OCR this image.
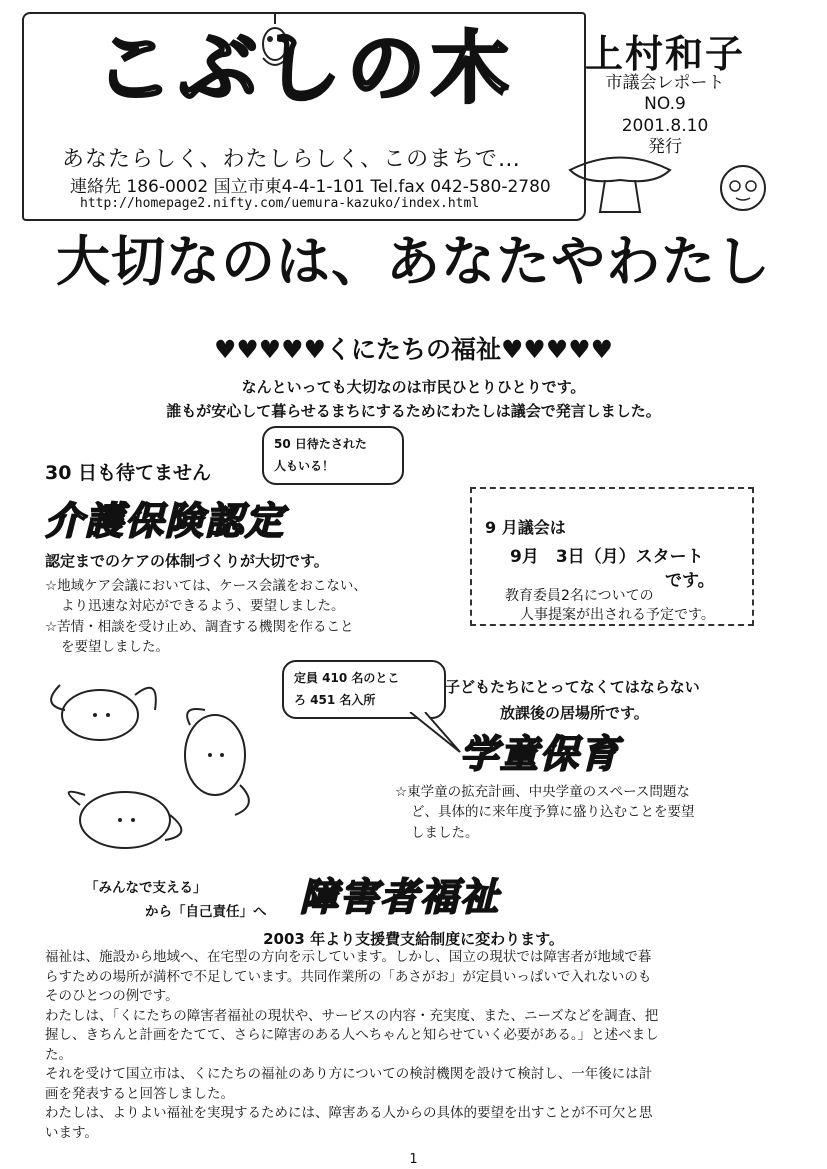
こぶしの木
あなたらしく、わたしらしく、このまちで…
連絡先 186-0002 国立市東4-4-1-101 Tel.fax 042-580-2780
http://homepage2.nifty.com/uemura-kazuko/index.html
上村和子
市議会レポート
NO.9
2001.8.10
発行
大切なのは、あなたやわたし
♥♥♥♥♥くにたちの福祉♥♥♥♥♥
なんといっても大切なのは市民ひとりひとりです。
誰もが安心して暮らせるまちにするためにわたしは議会で発言しました。
30 日も待てません
50 日待たされた
人もいる！
介護保険認定
認定までのケアの体制づくりが大切です。
☆地域ケア会議においては、ケース会議をおこない、
より迅速な対応ができるよう、要望しました。
☆苦情・相談を受け止め、調査する機関を作ること
を要望しました。
9 月議会は
9月　3日（月）スタート
です。
教育委員2名についての
人事提案が出される予定です。
定員 410 名のとこ
ろ 451 名入所
子どもたちにとってなくてはならない
放課後の居場所です。
学童保育
☆東学童の拡充計画、中央学童のスペース問題な
ど、具体的に来年度予算に盛り込むことを要望
しました。
「みんなで支える」
から「自己責任」へ 障害者福祉
2003 年より支援費支給制度に変わります。
福祉は、施設から地域へ、在宅型の方向を示しています。しかし、国立の現状では障害者が地域で暮
らすための場所が満杯で不足しています。共同作業所の「あさがお」が定員いっぱいで入れないのも
そのひとつの例です。
わたしは、「くにたちの障害者福祉の現状や、サービスの内容・充実度、また、ニーズなどを調査、把
握し、きちんと計画をたてて、さらに障害のある人へちゃんと知らせていく必要がある。」と述べまし
た。
それを受けて国立市は、くにたちの福祉のあり方についての検討機関を設けて検討し、一年後には計
画を発表すると回答しました。
わたしは、よりよい福祉を実現するためには、障害ある人からの具体的要望を出すことが不可欠と思
います。
1
